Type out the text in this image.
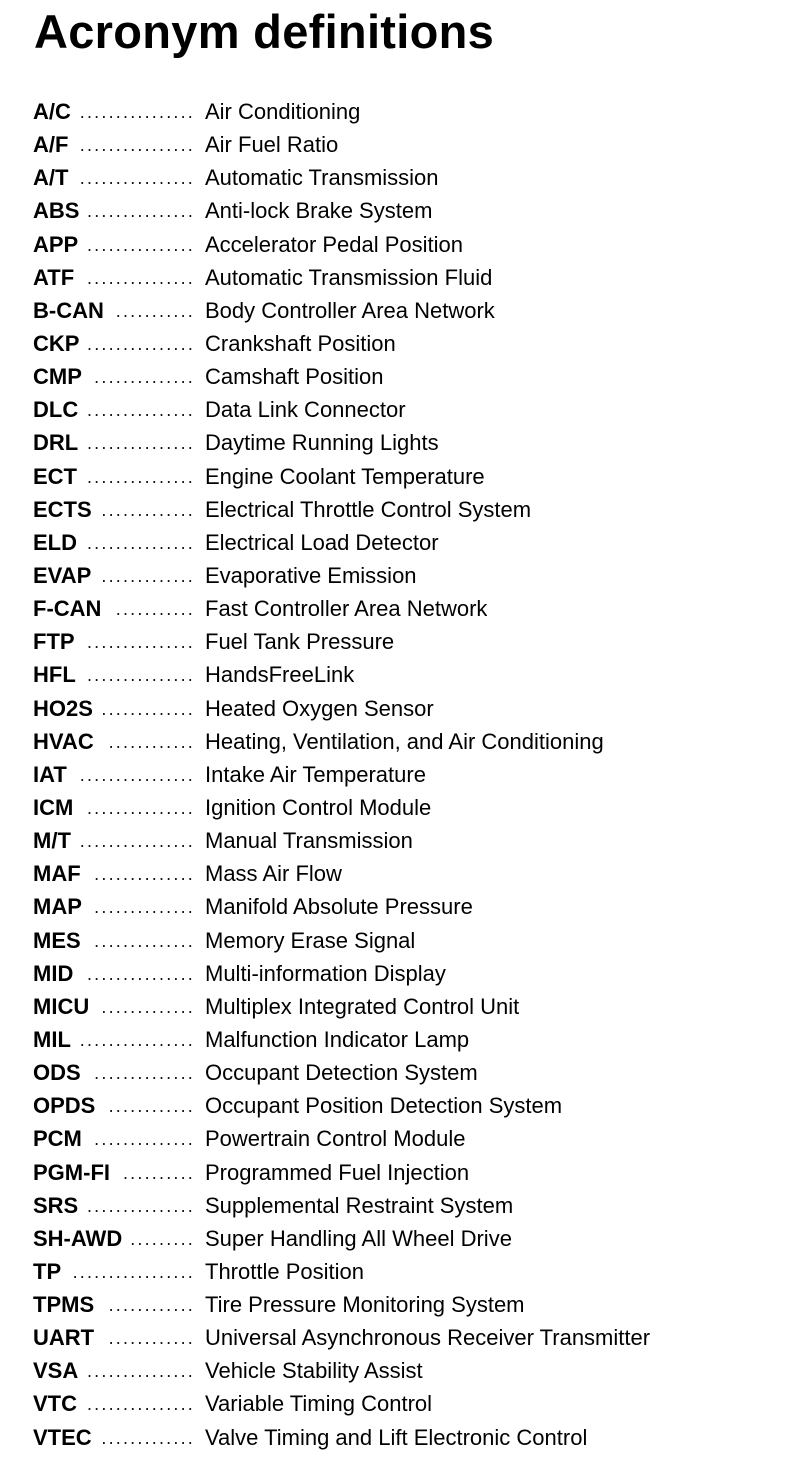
Acronym definitions
A/C ................ Air Conditioning
A/F ................ Air Fuel Ratio
A/T ................ Automatic Transmission
ABS ............... Anti-lock Brake System
APP ............... Accelerator Pedal Position
ATF ............... Automatic Transmission Fluid
B-CAN ........... Body Controller Area Network
CKP ............... Crankshaft Position
CMP .............. Camshaft Position
DLC ............... Data Link Connector
DRL ............... Daytime Running Lights
ECT ............... Engine Coolant Temperature
ECTS ............. Electrical Throttle Control System
ELD ............... Electrical Load Detector
EVAP ............. Evaporative Emission
F-CAN ........... Fast Controller Area Network
FTP ............... Fuel Tank Pressure
HFL ............... HandsFreeLink
HO2S ............. Heated Oxygen Sensor
HVAC ............ Heating, Ventilation, and Air Conditioning
IAT ................ Intake Air Temperature
ICM ............... Ignition Control Module
M/T ................ Manual Transmission
MAF .............. Mass Air Flow
MAP .............. Manifold Absolute Pressure
MES .............. Memory Erase Signal
MID ............... Multi-information Display
MICU ............. Multiplex Integrated Control Unit
MIL ................ Malfunction Indicator Lamp
ODS .............. Occupant Detection System
OPDS ............ Occupant Position Detection System
PCM .............. Powertrain Control Module
PGM-FI .......... Programmed Fuel Injection
SRS ............... Supplemental Restraint System
SH-AWD ......... Super Handling All Wheel Drive
TP ................. Throttle Position
TPMS ............ Tire Pressure Monitoring System
UART ............ Universal Asynchronous Receiver Transmitter
VSA ............... Vehicle Stability Assist
VTC ............... Variable Timing Control
VTEC ............. Valve Timing and Lift Electronic Control
